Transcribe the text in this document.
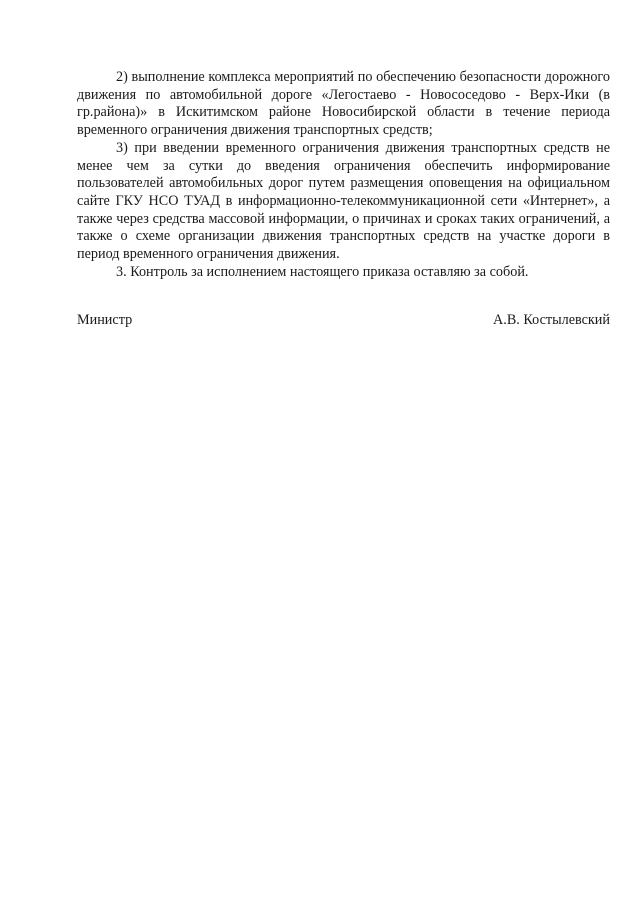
2) выполнение комплекса мероприятий по обеспечению безопасности дорожного движения по автомобильной дороге «Легостаево - Новососедово - Верх-Ики (в гр.района)» в Искитимском районе Новосибирской области в течение периода временного ограничения движения транспортных средств;

3) при введении временного ограничения движения транспортных средств не менее чем за сутки до введения ограничения обеспечить информирование пользователей автомобильных дорог путем размещения оповещения на официальном сайте ГКУ НСО ТУАД в информационно-телекоммуникационной сети «Интернет», а также через средства массовой информации, о причинах и сроках таких ограничений, а также о схеме организации движения транспортных средств на участке дороги в период временного ограничения движения.

3. Контроль за исполнением настоящего приказа оставляю за собой.

Министр	А.В. Костылевский
